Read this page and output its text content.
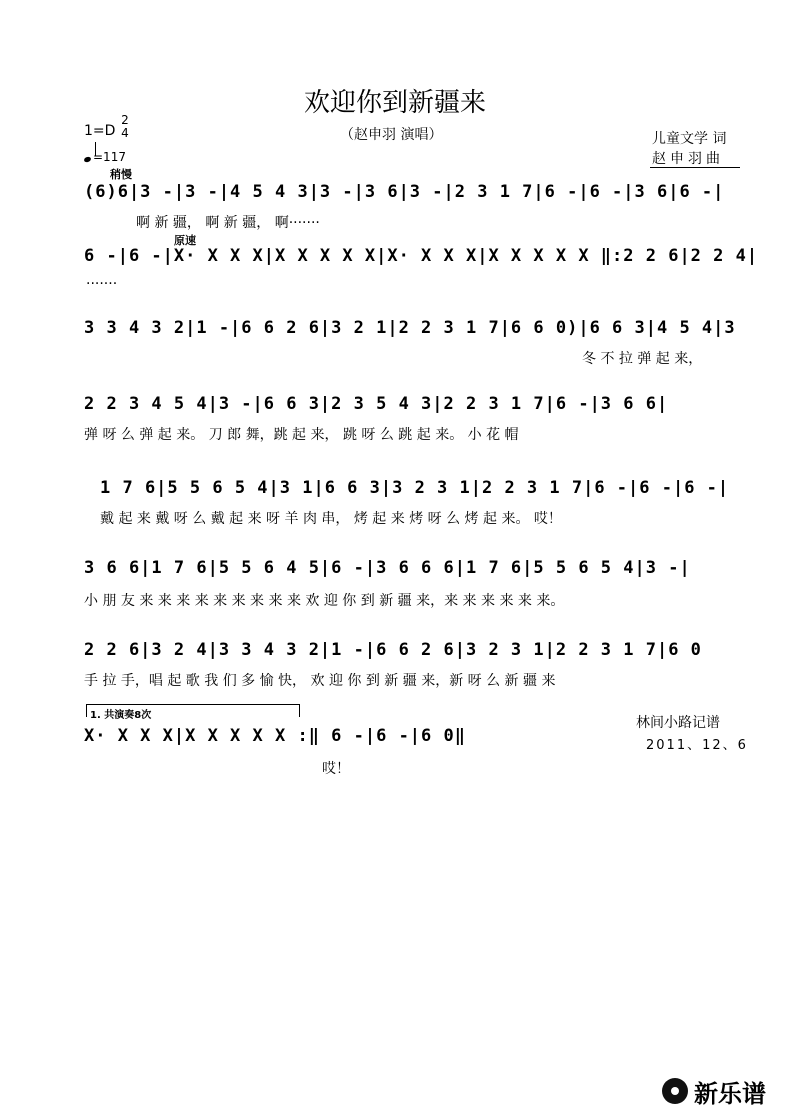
欢迎你到新疆来
（赵申羽 演唱）
1=D
2
4
=117
儿童文学 词
赵申羽曲
稍慢
原速
(6)6|3 -|3 -|4 5 4 3|3 -|3 6|3 -|2 3 1 7|6 -|6 -|3 6|6 -|
啊 新 疆， 啊 新 疆， 啊·······
6 -|6 -|X· X X X|X X X X X|X· X X X|X X X X X ‖:2 2 6|2 2 4|
·······
3 3 4 3 2|1 -|6 6 2 6|3 2 1|2 2 3 1 7|6 6 0)|6 6 3|4 5 4|3
冬 不 拉 弹 起 来，
2 2 3 4 5 4|3 -|6 6 3|2 3 5 4 3|2 2 3 1 7|6 -|3 6 6|
弹 呀 么 弹 起 来。 刀 郎 舞，跳 起 来， 跳 呀 么 跳 起 来。 小 花 帽
1 7 6|5 5 6 5 4|3 1|6 6 3|3 2 3 1|2 2 3 1 7|6 -|6 -|6 -|
戴 起 来 戴 呀 么 戴 起 来 呀 羊 肉 串， 烤 起 来 烤 呀 么 烤 起 来。 哎！
3 6 6|1 7 6|5 5 6 4 5|6 -|3 6 6 6|1 7 6|5 5 6 5 4|3 -|
小 朋 友 来 来 来 来 来 来 来 来 来 欢 迎 你 到 新 疆 来，来 来 来 来 来 来。
2 2 6|3 2 4|3 3 4 3 2|1 -|6 6 2 6|3 2 3 1|2 2 3 1 7|6 0
手 拉 手，唱 起 歌 我 们 多 愉 快， 欢 迎 你 到 新 疆 来，新 呀 么 新 疆 来
1. 共演奏8次
X· X X X|X X X X X :‖ 6 -|6 -|6 0‖
哎！
林间小路记谱
2011、12、6
新乐谱
